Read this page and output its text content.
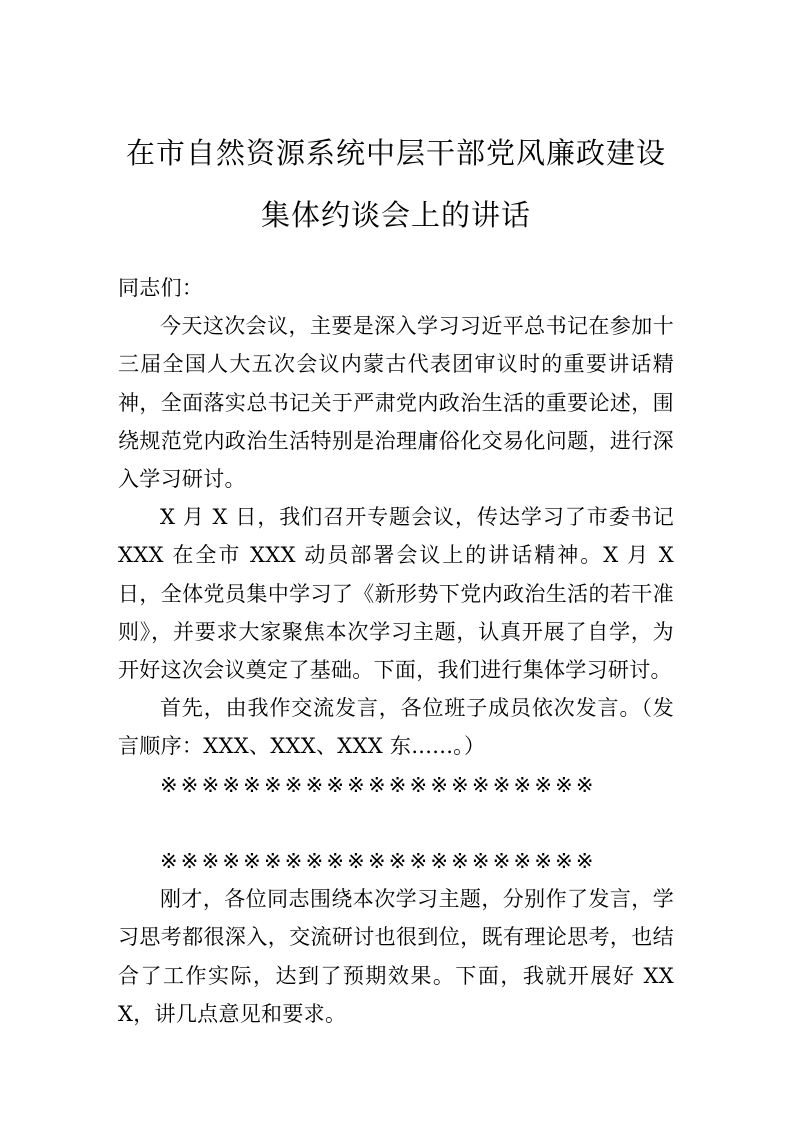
在市自然资源系统中层干部党风廉政建设集体约谈会上的讲话

同志们：

今天这次会议，主要是深入学习习近平总书记在参加十三届全国人大五次会议内蒙古代表团审议时的重要讲话精 神，全面落实总书记关于严肃党内政治生活的重要论述，围绕规范党内政治生活特别是治理庸俗化交易化问题，进行深入学习研讨。

X 月 X 日，我们召开专题会议，传达学习了市委书记 XXX 在全市 XXX 动员部署会议上的讲话精神。X 月 X 日，全体党员集中学习了《新形势下党内政治生活的若干准则》，并要求大家聚焦本次学习主题，认真开展了自学，为开好这次会议奠定了基础。下面，我们进行集体学习研讨。

首先，由我作交流发言，各位班子成员依次发言。（发言顺序：XXX、XXX、XXX 东......。）

※※※※※※※※※※※※※※※※※※※※※

※※※※※※※※※※※※※※※※※※※※※

刚才，各位同志围绕本次学习主题，分别作了发言，学习思考都很深入，交流研讨也很到位，既有理论思考，也结合了工作实际，达到了预期效果。下面，我就开展好 XXX，讲几点意见和要求。
